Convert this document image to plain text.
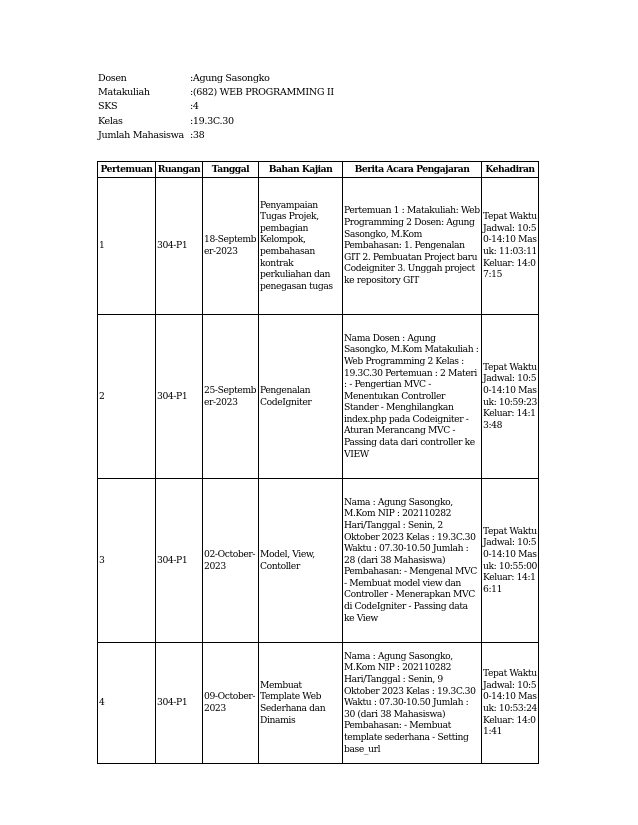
Dosen	:Agung Sasongko
Matakuliah	:(682) WEB PROGRAMMING II
SKS	:4
Kelas	:19.3C.30
Jumlah Mahasiswa :38
Pertemuan	Ruangan	Tanggal	Bahan Kajian	Berita Acara Pengajaran	Kehadiran
1	304-P1	18-September-2023	Penyampaian Tugas Projek, pembagian Kelompok, pembahasan kontrak perkuliahan dan penegasan tugas	Pertemuan 1 : Matakuliah: Web Programming 2 Dosen: Agung Sasongko, M.Kom Pembahasan: 1. Pengenalan GIT 2. Pembuatan Project baru Codeigniter 3. Unggah project ke repository GIT	Tepat Waktu Jadwal: 10:50-14:10 Masuk: 11:03:11 Keluar: 14:07:15
2	304-P1	25-September-2023	Pengenalan CodeIgniter	Nama Dosen : Agung Sasongko, M.Kom Matakuliah : Web Programming 2 Kelas : 19.3C.30 Pertemuan : 2 Materi : - Pengertian MVC - Menentukan Controller Stander - Menghilangkan index.php pada Codeigniter - Aturan Merancang MVC - Passing data dari controller ke VIEW	Tepat Waktu Jadwal: 10:50-14:10 Masuk: 10:59:23 Keluar: 14:13:48
3	304-P1	02-October-2023	Model, View, Contoller	Nama : Agung Sasongko, M.Kom NIP : 202110282 Hari/Tanggal : Senin, 2 Oktober 2023 Kelas : 19.3C.30 Waktu : 07.30-10.50 Jumlah : 28 (dari 38 Mahasiswa) Pembahasan: - Mengenal MVC - Membuat model view dan Controller - Menerapkan MVC di CodeIgniter - Passing data ke View	Tepat Waktu Jadwal: 10:50-14:10 Masuk: 10:55:00 Keluar: 14:16:11
4	304-P1	09-October-2023	Membuat Template Web Sederhana dan Dinamis	Nama : Agung Sasongko, M.Kom NIP : 202110282 Hari/Tanggal : Senin, 9 Oktober 2023 Kelas : 19.3C.30 Waktu : 07.30-10.50 Jumlah : 30 (dari 38 Mahasiswa) Pembahasan: - Membuat template sederhana - Setting base_url	Tepat Waktu Jadwal: 10:50-14:10 Masuk: 10:53:24 Keluar: 14:01:41
